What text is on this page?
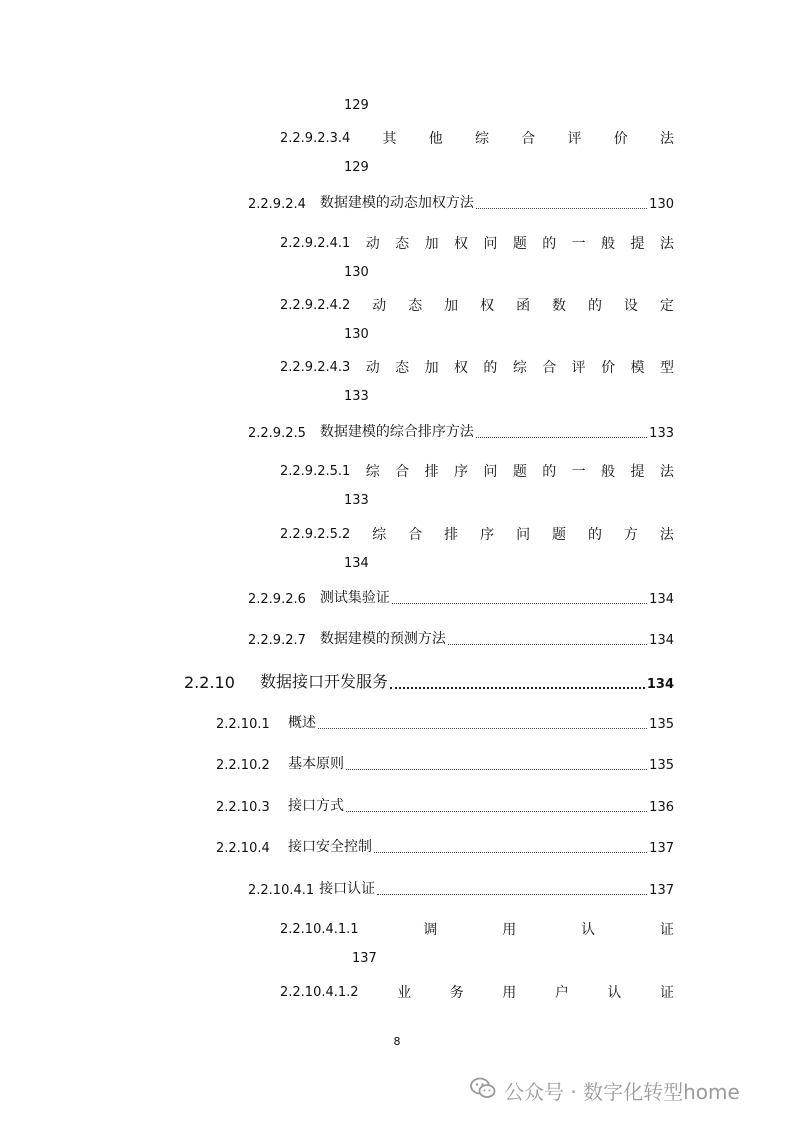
129
2.2.9.2.3.4 其 他 综 合 评 价 法
129
2.2.9.2.4 数据建模的动态加权方法	130
2.2.9.2.4.1 动 态 加 权 问 题 的 一 般 提 法
130
2.2.9.2.4.2 动 态 加 权 函 数 的 设 定
130
2.2.9.2.4.3 动 态 加 权 的 综 合 评 价 模 型
133
2.2.9.2.5 数据建模的综合排序方法	133
2.2.9.2.5.1 综 合 排 序 问 题 的 一 般 提 法
133
2.2.9.2.5.2 综 合 排 序 问 题 的 方 法
134
2.2.9.2.6 测试集验证	134
2.2.9.2.7 数据建模的预测方法	134
2.2.10	数据接口开发服务	134
2.2.10.1	概述	135
2.2.10.2	基本原则	135
2.2.10.3	接口方式	136
2.2.10.4	接口安全控制	137
2.2.10.4.1 接口认证	137
2.2.10.4.1.1	调	用	认	证
137
2.2.10.4.1.2	业	务	用	户	认	证
8
公众号 · 数字化转型home
